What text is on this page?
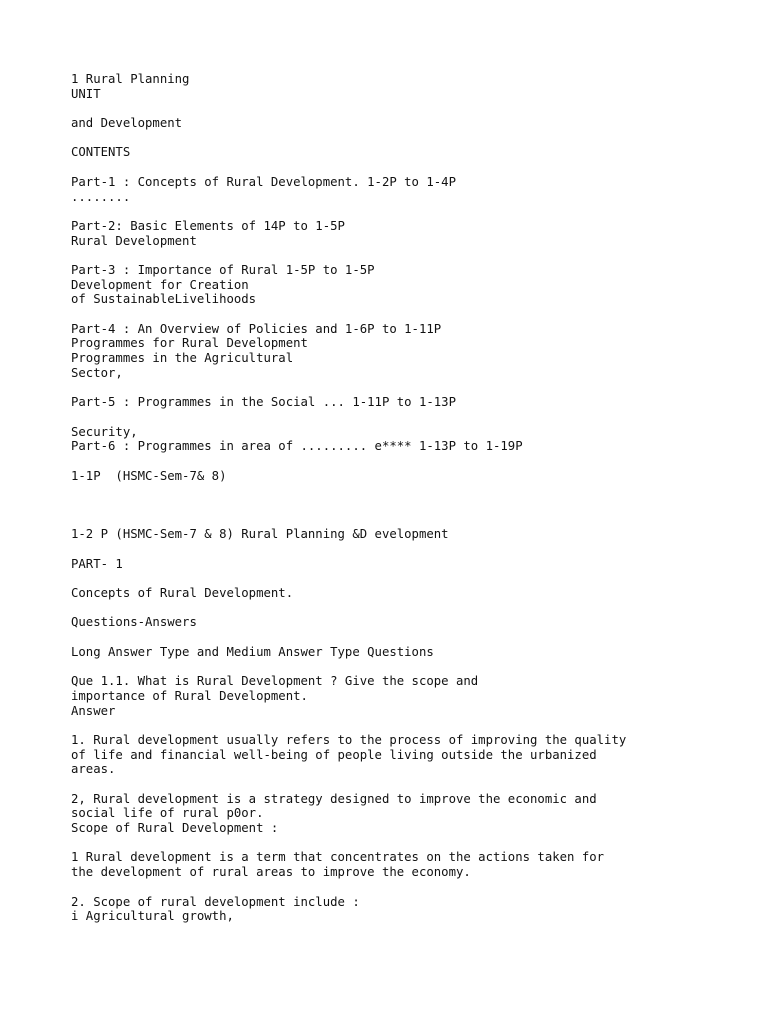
1 Rural Planning
UNIT

and Development

CONTENTS

Part-1 : Concepts of Rural Development. 1-2P to 1-4P
........

Part-2: Basic Elements of 14P to 1-5P
Rural Development

Part-3 : Importance of Rural 1-5P to 1-5P
Development for Creation
of SustainableLivelihoods

Part-4 : An Overview of Policies and 1-6P to 1-11P
Programmes for Rural Development
Programmes in the Agricultural
Sector,

Part-5 : Programmes in the Social ... 1-11P to 1-13P

Security,
Part-6 : Programmes in area of ......... e**** 1-13P to 1-19P

1-1P  (HSMC-Sem-7& 8)

1-2 P (HSMC-Sem-7 & 8) Rural Planning &D evelopment

PART- 1

Concepts of Rural Development.

Questions-Answers

Long Answer Type and Medium Answer Type Questions

Que 1.1. What is Rural Development ? Give the scope and
importance of Rural Development.
Answer

1. Rural development usually refers to the process of improving the quality
of life and financial well-being of people living outside the urbanized
areas.

2, Rural development is a strategy designed to improve the economic and
social life of rural p0or.
Scope of Rural Development :

1 Rural development is a term that concentrates on the actions taken for
the development of rural areas to improve the economy.

2. Scope of rural development include :
i Agricultural growth,
